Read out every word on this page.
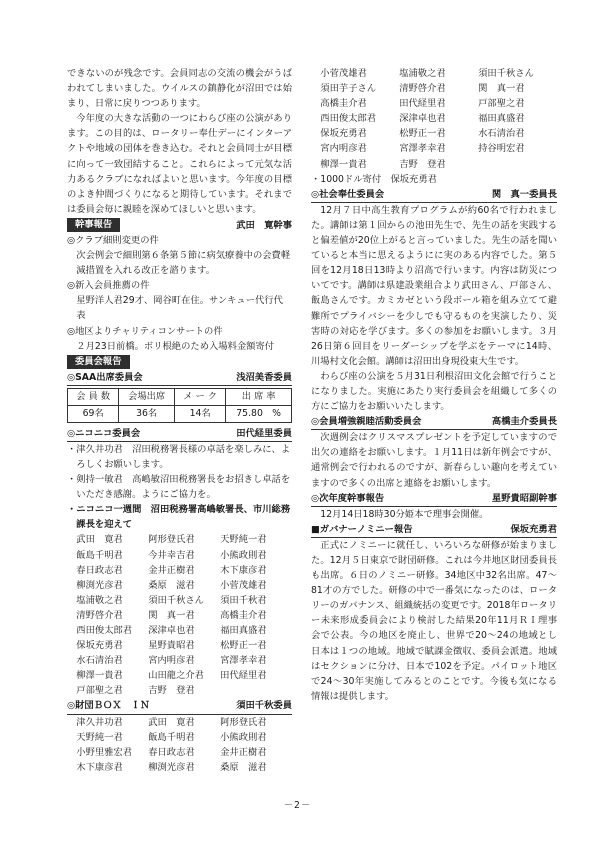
できないのが残念です。会員同志の交流の機会がうばわれてしまいました。ウイルスの鎮静化が沼田では始まり、日常に戻りつつあります。

今年度の大きな活動の一つにわらび座の公演があります。この目的は、ロータリー奉仕デーにインターアクトや地域の団体を巻き込む。それと会員同士が目標に向って一致団結すること。これらによって元気な活力あるクラブになればよいと思います。今年度の目標のよき仲間づくりになると期待しています。それまでは委員会毎に親睦を深めてほしいと思います。

幹事報告	武田　寛幹事

◎クラブ細則変更の件

次会例会で細則第６条第５節に病気療養中の会費軽減措置を入れる改正を諮ります。

◎新入会員推薦の件

星野洋人君29才、岡谷町在住。サンキュー代行代表

◎地区よりチャリティコンサートの件

２月23日前橋。ボリ根絶のため入場料金額寄付

委員会報告
◎SAA出席委員会	浅沼美香委員
会 員 数	会場出席	メ ー ク	出 席 率
69名	36名	14名	75.80　%
◎ニコニコ委員会	田代経里委員

・津久井功君　沼田税務署長様の卓話を楽しみに、よろしくお願いします。

・剣持一敏君　高嶋敏沼田税務署長をお招きし卓話をいただき感謝。ようにご協力を。

・ニコニコ一週間　沼田税務署高嶋敏署長、市川総務課長を迎えて

武田　寛君	阿形登氏君	天野純一君
飯島千明君	今井幸吉君	小熊政則君
春日政志君	金井正樹君	木下康彦君
柳渕光彦君	桑原　滋君	小菅茂雄君
塩浦敬之君	須田千秋さん	須田千秋君
清野啓介君	関　真一君	高橋圭介君
西田俊太郎君	深津卓也君	福田真盛君
保坂充勇君	星野貴昭君	松野正一君
水石清治君	宮内明彦君	宮澤孝幸君
柳澤一貴君	山田龍之介君	田代経里君
戸部聖之君	吉野　登君
◎財団ＢＯＸ　ＩＮ	須田千秋委員
津久井功君	武田　寛君	阿形登氏君
天野純一君	飯島千明君	小熊政則君
小野里雅宏君	春日政志君	金井正樹君
木下康彦君	柳渕光彦君	桑原　滋君
小菅茂雄君	塩浦敬之君	須田千秋さん
須田芋子さん	清野啓介君	関　真一君
高橋圭介君	田代経里君	戸部聖之君
西田俊太郎君	深津卓也君	福田真盛君
保坂充勇君	松野正一君	水石清治君
宮内明彦君	宮澤孝幸君	持谷明宏君
柳澤一貴君	吉野　登君

・1000ドル寄付　保坂充勇君

◎社会奉仕委員会	関　真一委員長

12月７日中高生教育プログラムが約60名で行われました。講師は第１回からの池田先生で、先生の話を実践すると偏差値が20位上がると言っていました。先生の話を聞いていると本当に思えるようにに実のある内容でした。第５回を12月18日13時より沼高で行います。内容は防災についてです。講師は県建設業組合より武田さん、戸部さん、飯島さんです。カミカゼという段ボール箱を組み立てて避難所でプライバシーを少しでも守るものを実演したり、災害時の対応を学びます。多くの参加をお願いします。３月26日第６回目をリーダーシップを学ぶをテーマに14時、川場村文化会館。講師は沼田出身現役東大生です。

わらび座の公演を５月31日利根沼田文化会館で行うことになりました。実施にあたり実行委員会を組織して多くの方にご協力をお願いいたします。

◎会員増強親睦活動委員会	高橋圭介委員長

次週例会はクリスマスプレゼントを予定していますので出欠の連絡をお願いします。１月11日は新年例会ですが、通常例会で行われるのですが、新春らしい趣向を考えていますので多くの出席と連絡をお願いします。

◎次年度幹事報告	星野貴昭副幹事

12月14日18時30分姫本で理事会開催。

■ガバナーノミニー報告	保坂充勇君

正式にノミニーに就任し、いろいろな研修が始まりました。12月５日東京で財団研修。これは今井地区財団委員長も出席。６日のノミニー研修。34地区中32名出席。47～81才の方でした。研修の中で一番気になったのは、ロータリーのガバナンス、組織統括の変更です。2018年ロータリー未来形成委員会により検討した結果20年11月ＲＩ理事会で公表。今の地区を廃止し、世界で20～24の地域とし日本は１つの地域。地域で賦課金徴収、委員会派遣。地域はセクションに分け、日本で102を予定。パイロット地区で24～30年実施してみるとのことです。今後も気になる情報は提供します。

－2－
